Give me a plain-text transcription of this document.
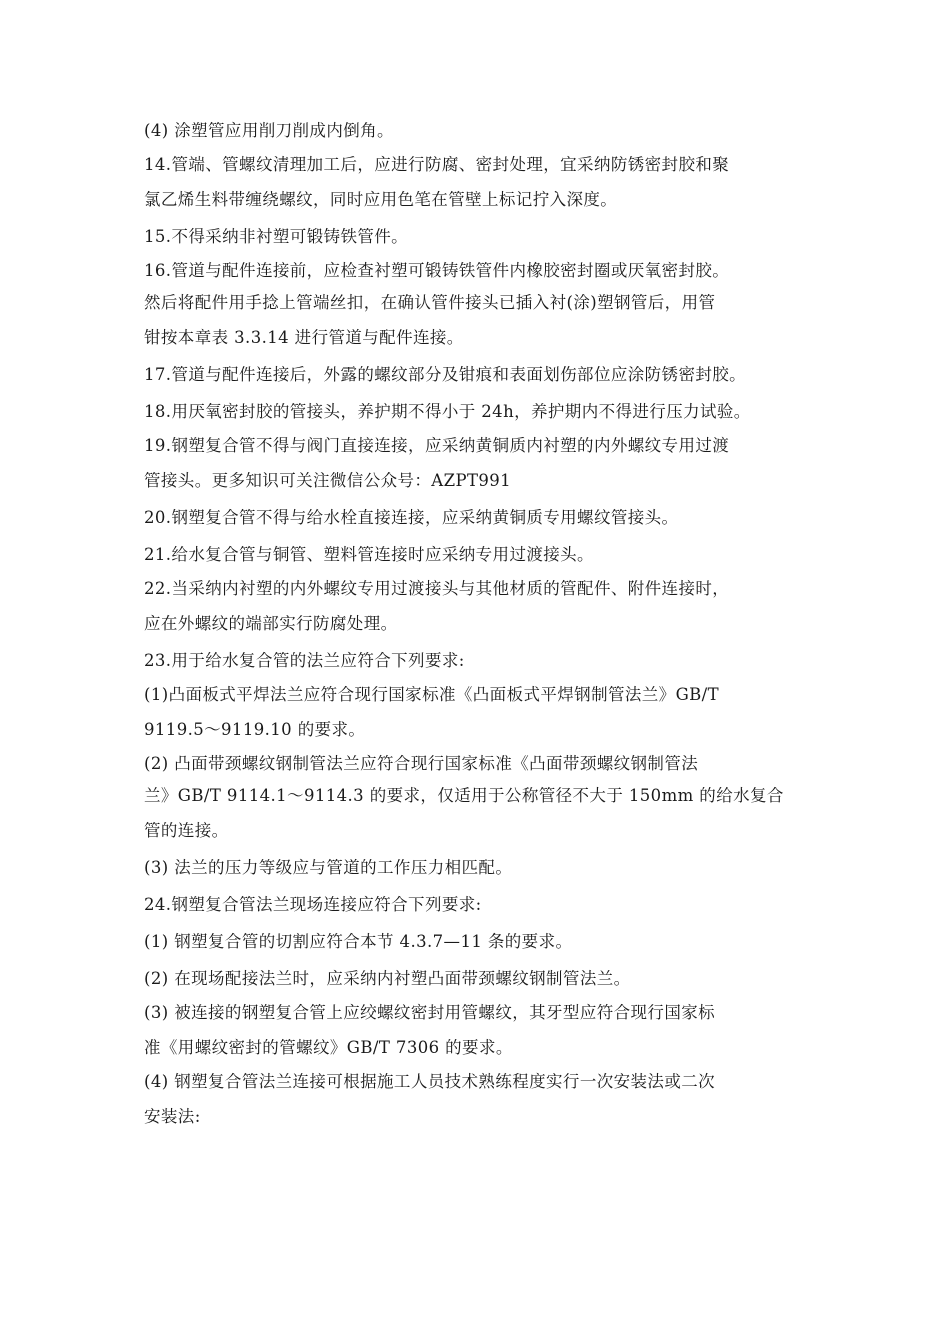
(4) 涂塑管应用削刀削成内倒角。
14.管端、管螺纹清理加工后，应进行防腐、密封处理，宜采纳防锈密封胶和聚
氯乙烯生料带缠绕螺纹，同时应用色笔在管壁上标记拧入深度。
15.不得采纳非衬塑可锻铸铁管件。
16.管道与配件连接前，应检查衬塑可锻铸铁管件内橡胶密封圈或厌氧密封胶。
然后将配件用手捻上管端丝扣，在确认管件接头已插入衬(涂)塑钢管后，用管
钳按本章表 3.3.14 进行管道与配件连接。
17.管道与配件连接后，外露的螺纹部分及钳痕和表面划伤部位应涂防锈密封胶。
18.用厌氧密封胶的管接头，养护期不得小于 24h，养护期内不得进行压力试验。
19.钢塑复合管不得与阀门直接连接，应采纳黄铜质内衬塑的内外螺纹专用过渡
管接头。更多知识可关注微信公众号：AZPT991
20.钢塑复合管不得与给水栓直接连接，应采纳黄铜质专用螺纹管接头。
21.给水复合管与铜管、塑料管连接时应采纳专用过渡接头。
22.当采纳内衬塑的内外螺纹专用过渡接头与其他材质的管配件、附件连接时，
应在外螺纹的端部实行防腐处理。
23.用于给水复合管的法兰应符合下列要求:
(1)凸面板式平焊法兰应符合现行国家标准《凸面板式平焊钢制管法兰》GB/T
9119.5～9119.10 的要求。
(2) 凸面带颈螺纹钢制管法兰应符合现行国家标准《凸面带颈螺纹钢制管法
兰》GB/T 9114.1～9114.3 的要求，仅适用于公称管径不大于 150mm 的给水复合
管的连接。
(3) 法兰的压力等级应与管道的工作压力相匹配。
24.钢塑复合管法兰现场连接应符合下列要求:
(1) 钢塑复合管的切割应符合本节 4.3.7—11 条的要求。
(2) 在现场配接法兰时，应采纳内衬塑凸面带颈螺纹钢制管法兰。
(3) 被连接的钢塑复合管上应绞螺纹密封用管螺纹，其牙型应符合现行国家标
准《用螺纹密封的管螺纹》GB/T 7306 的要求。
(4) 钢塑复合管法兰连接可根据施工人员技术熟练程度实行一次安装法或二次
安装法:
